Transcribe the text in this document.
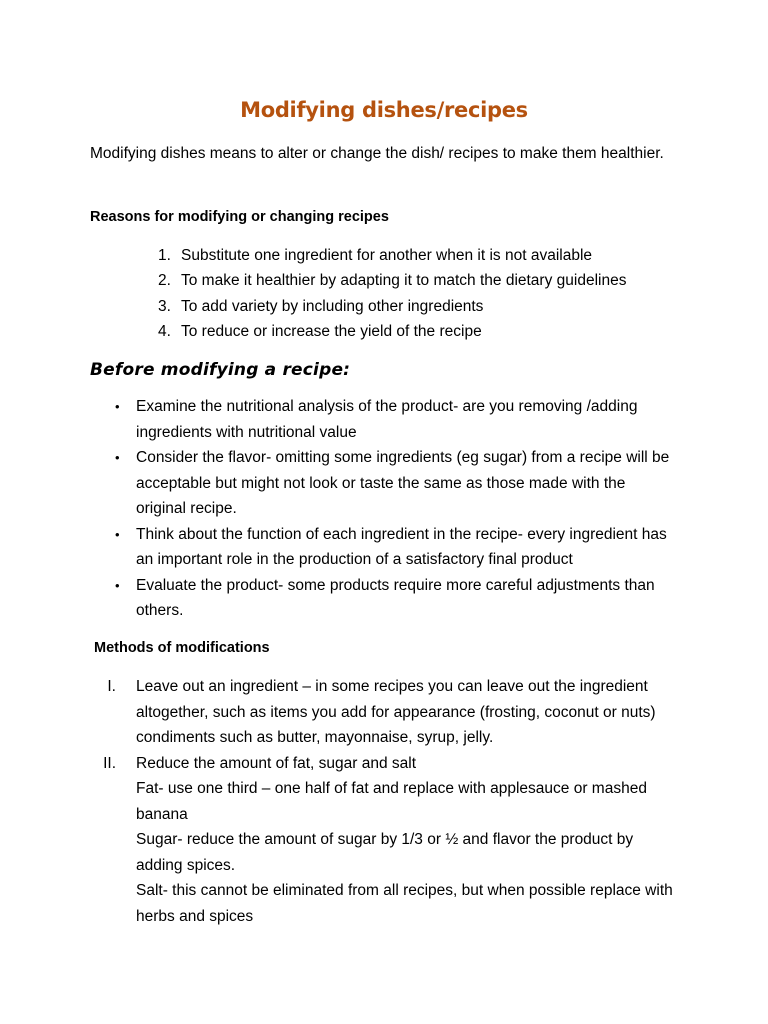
Modifying dishes/recipes
Modifying dishes means to alter or change the dish/ recipes to make them healthier.
Reasons for modifying or changing recipes
1. Substitute one ingredient for another when it is not available
2. To make it healthier by adapting it to match the dietary guidelines
3. To add variety by including other ingredients
4. To reduce or increase the yield of the recipe
Before modifying a recipe:
• Examine the nutritional analysis of the product- are you removing /adding ingredients with nutritional value
• Consider the flavor- omitting some ingredients (eg sugar) from a recipe will be acceptable but might not look or taste the same as those made with the original recipe.
• Think about the function of each ingredient in the recipe- every ingredient has an important role in the production of a satisfactory final product
• Evaluate the product- some products require more careful adjustments than others.
Methods of modifications
I. Leave out an ingredient – in some recipes you can leave out the ingredient altogether, such as items you add for appearance (frosting, coconut or nuts) condiments such as butter, mayonnaise, syrup, jelly.
II. Reduce the amount of fat, sugar and salt
Fat- use one third – one half of fat and replace with applesauce or mashed banana
Sugar- reduce the amount of sugar by 1/3 or ½ and flavor the product by adding spices.
Salt- this cannot be eliminated from all recipes, but when possible replace with herbs and spices
